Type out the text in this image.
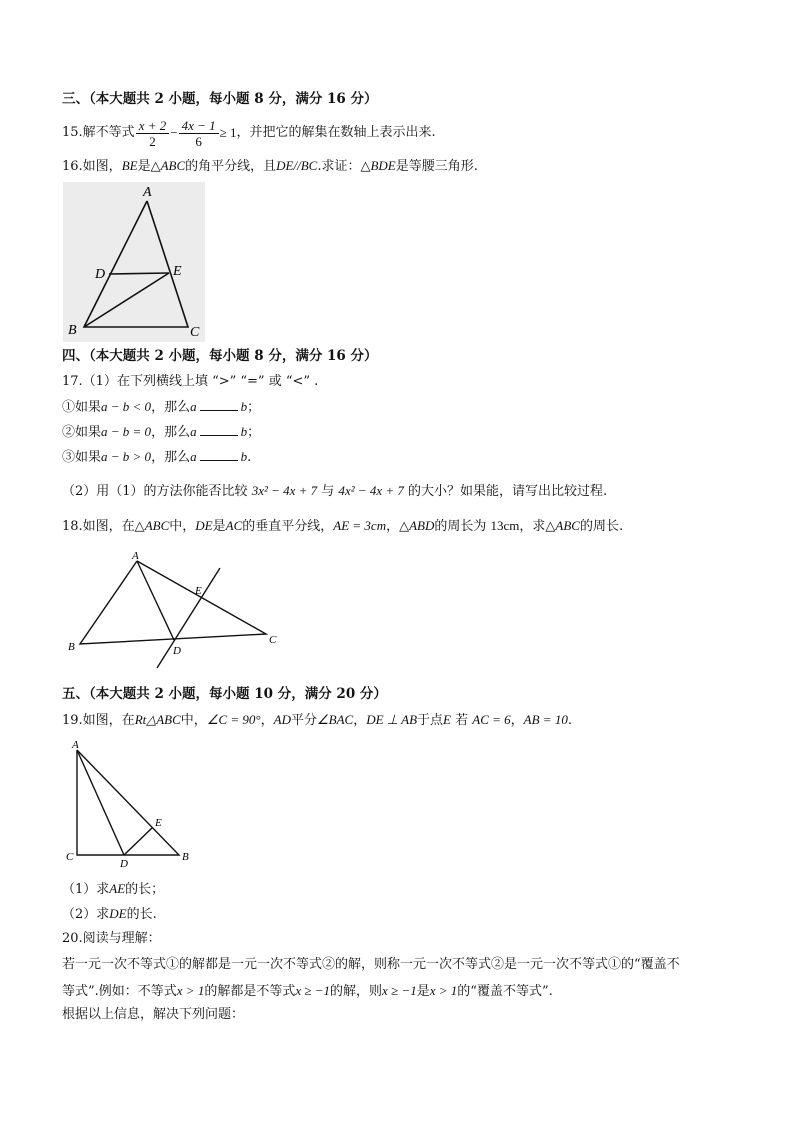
三、（本大题共 2 小题，每小题 8 分，满分 16 分）
15.解不等式 $\frac{x + 2}{2} - \frac{4x - 1}{6} \ge 1$ ，并把它的解集在数轴上表示出来.
16.如图，BE是△ABC的角平分线，且DE//BC.求证：△BDE是等腰三角形.
A
D	E
B	C
四、（本大题共 2 小题，每小题 8 分，满分 16 分）
17.（1）在下列横线上填 “>” “=” 或 “<” .
①如果a − b < 0，那么a	b；
②如果a − b = 0，那么a	b；
③如果a − b > 0，那么a	b.
（2）用（1）的方法你能否比较 3x² − 4x + 7 与 4x² − 4x + 7 的大小？如果能，请写出比较过程.
18.如图，在△ABC中，DE是AC的垂直平分线，AE = 3cm，△ABD的周长为 13cm，求△ABC的周长.
A
E
B	D
C
五、（本大题共 2 小题，每小题 10 分，满分 20 分）
19.如图，在Rt△ABC中，∠C = 90°，AD平分∠BAC，DE ⊥ AB于点E 若 AC = 6，AB = 10.
A
E
C
D
B
（1）求AE的长；
（2）求DE的长.
20.阅读与理解：
若一元一次不等式①的解都是一元一次不等式②的解，则称一元一次不等式②是一元一次不等式①的“覆盖不
等式”.例如：不等式x > 1的解都是不等式x ≥ −1的解，则x ≥ −1是x > 1的“覆盖不等式”.
根据以上信息，解决下列问题：
